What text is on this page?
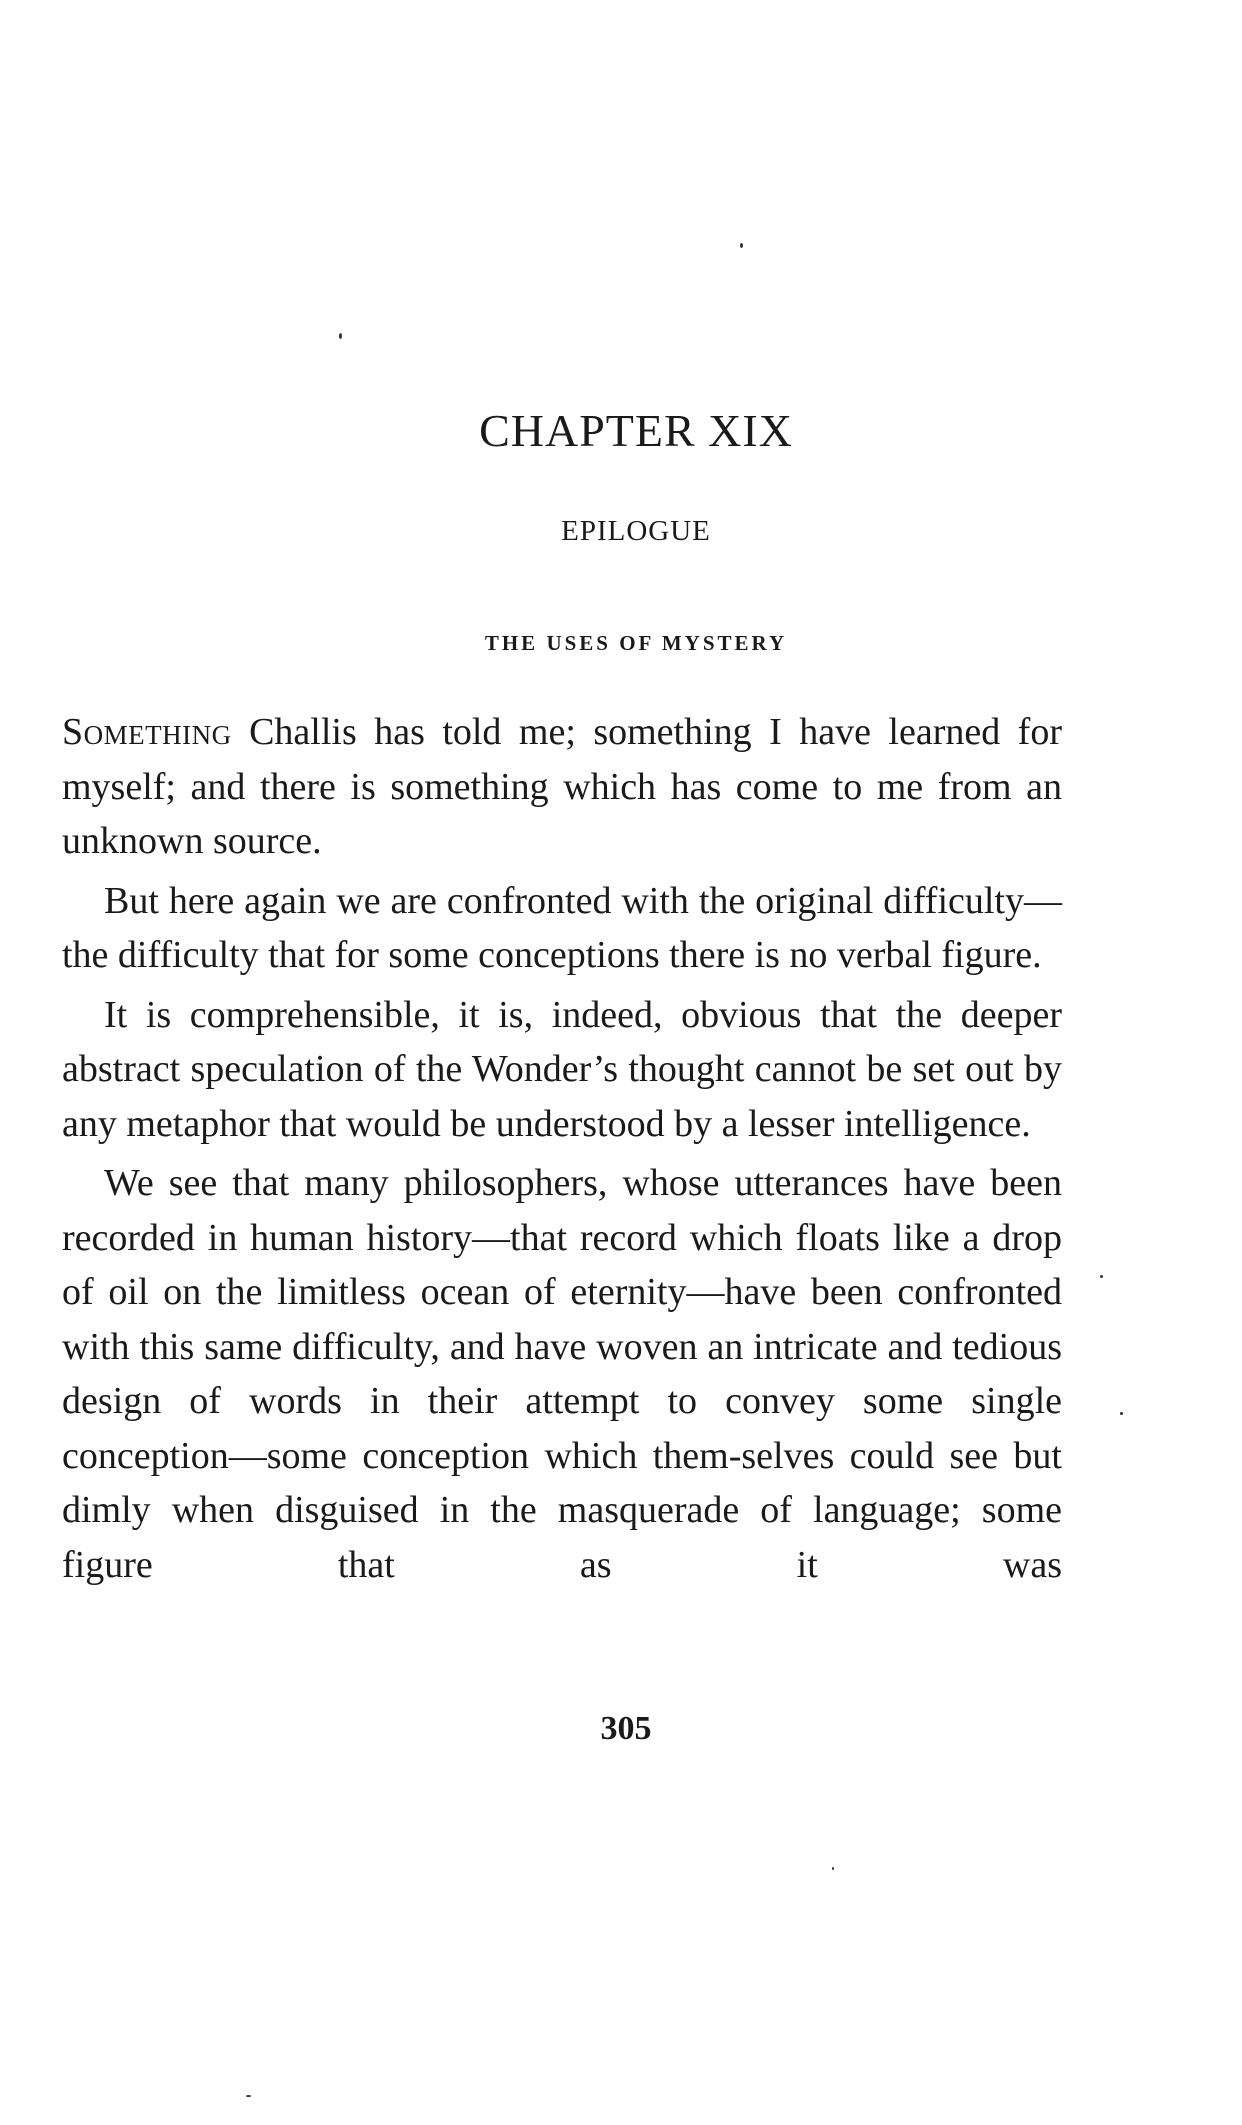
CHAPTER XIX
EPILOGUE
THE USES OF MYSTERY

Something Challis has told me; something I have learned for myself; and there is something which has come to me from an unknown source.

But here again we are confronted with the original difficulty—the difficulty that for some conceptions there is no verbal figure.

It is comprehensible, it is, indeed, obvious that the deeper abstract speculation of the Wonder’s thought cannot be set out by any metaphor that would be understood by a lesser intelligence.

We see that many philosophers, whose utterances have been recorded in human history—that record which floats like a drop of oil on the limitless ocean of eternity—have been confronted with this same difficulty, and have woven an intricate and tedious design of words in their attempt to convey some single conception—some conception which them-selves could see but dimly when disguised in the masquerade of language; some figure that as it was

305
